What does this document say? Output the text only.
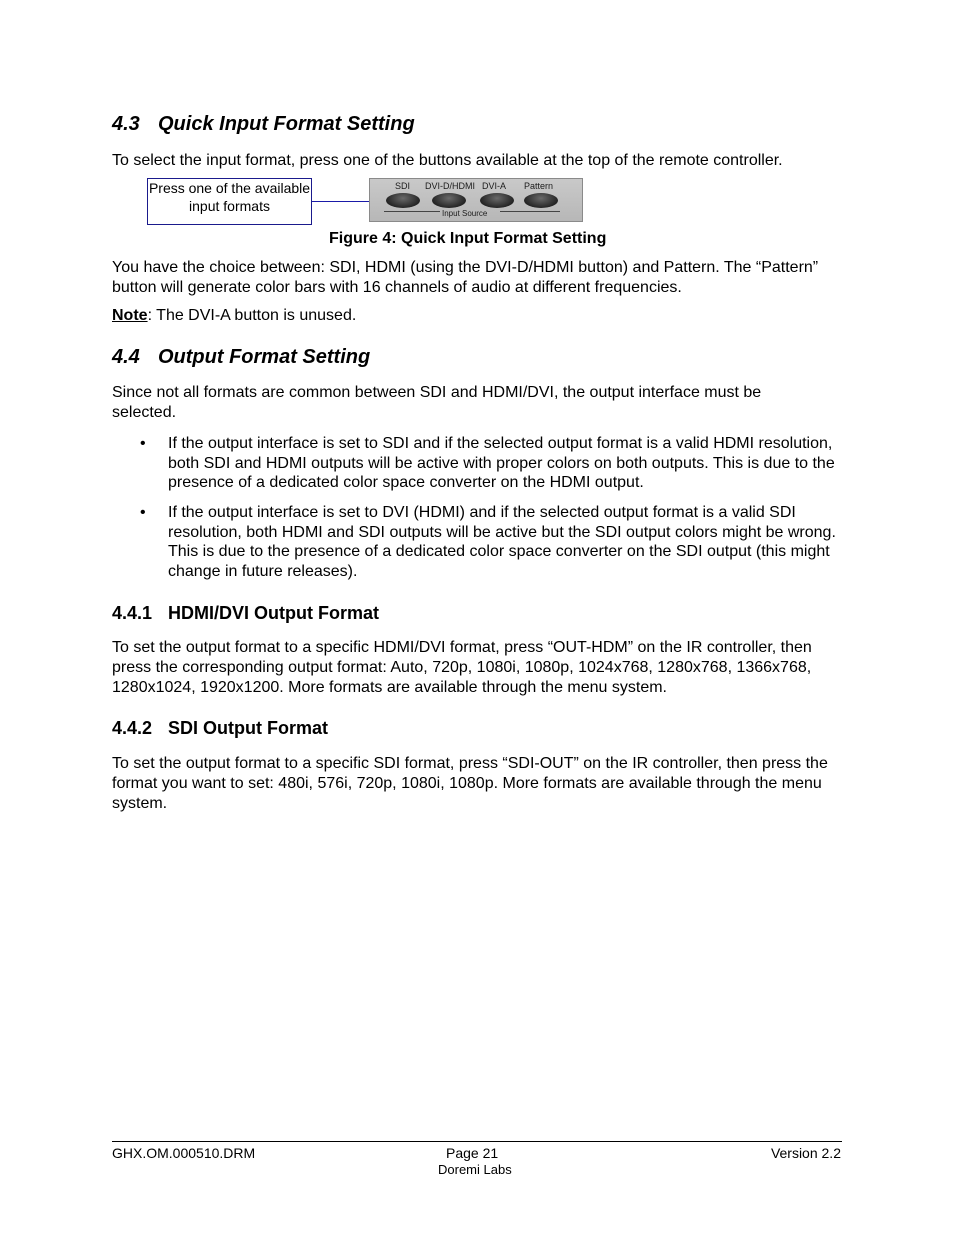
4.3 Quick Input Format Setting

To select the input format, press one of the buttons available at the top of the remote controller.

Press one of the available input formats
SDI DVI-D/HDMI DVI-A Pattern
Input Source
Figure 4: Quick Input Format Setting

You have the choice between: SDI, HDMI (using the DVI-D/HDMI button) and Pattern. The “Pattern” button will generate color bars with 16 channels of audio at different frequencies.

Note: The DVI-A button is unused.

4.4 Output Format Setting

Since not all formats are common between SDI and HDMI/DVI, the output interface must be selected.

• If the output interface is set to SDI and if the selected output format is a valid HDMI resolution, both SDI and HDMI outputs will be active with proper colors on both outputs. This is due to the presence of a dedicated color space converter on the HDMI output.
• If the output interface is set to DVI (HDMI) and if the selected output format is a valid SDI resolution, both HDMI and SDI outputs will be active but the SDI output colors might be wrong. This is due to the presence of a dedicated color space converter on the SDI output (this might change in future releases).
4.4.1 HDMI/DVI Output Format

To set the output format to a specific HDMI/DVI format, press “OUT-HDM” on the IR controller, then press the corresponding output format: Auto, 720p, 1080i, 1080p, 1024x768, 1280x768, 1366x768, 1280x1024, 1920x1200. More formats are available through the menu system.

4.4.2 SDI Output Format

To set the output format to a specific SDI format, press “SDI-OUT” on the IR controller, then press the format you want to set: 480i, 576i, 720p, 1080i, 1080p. More formats are available through the menu system.

GHX.OM.000510.DRM	Page 21
Doremi Labs
Version 2.2
